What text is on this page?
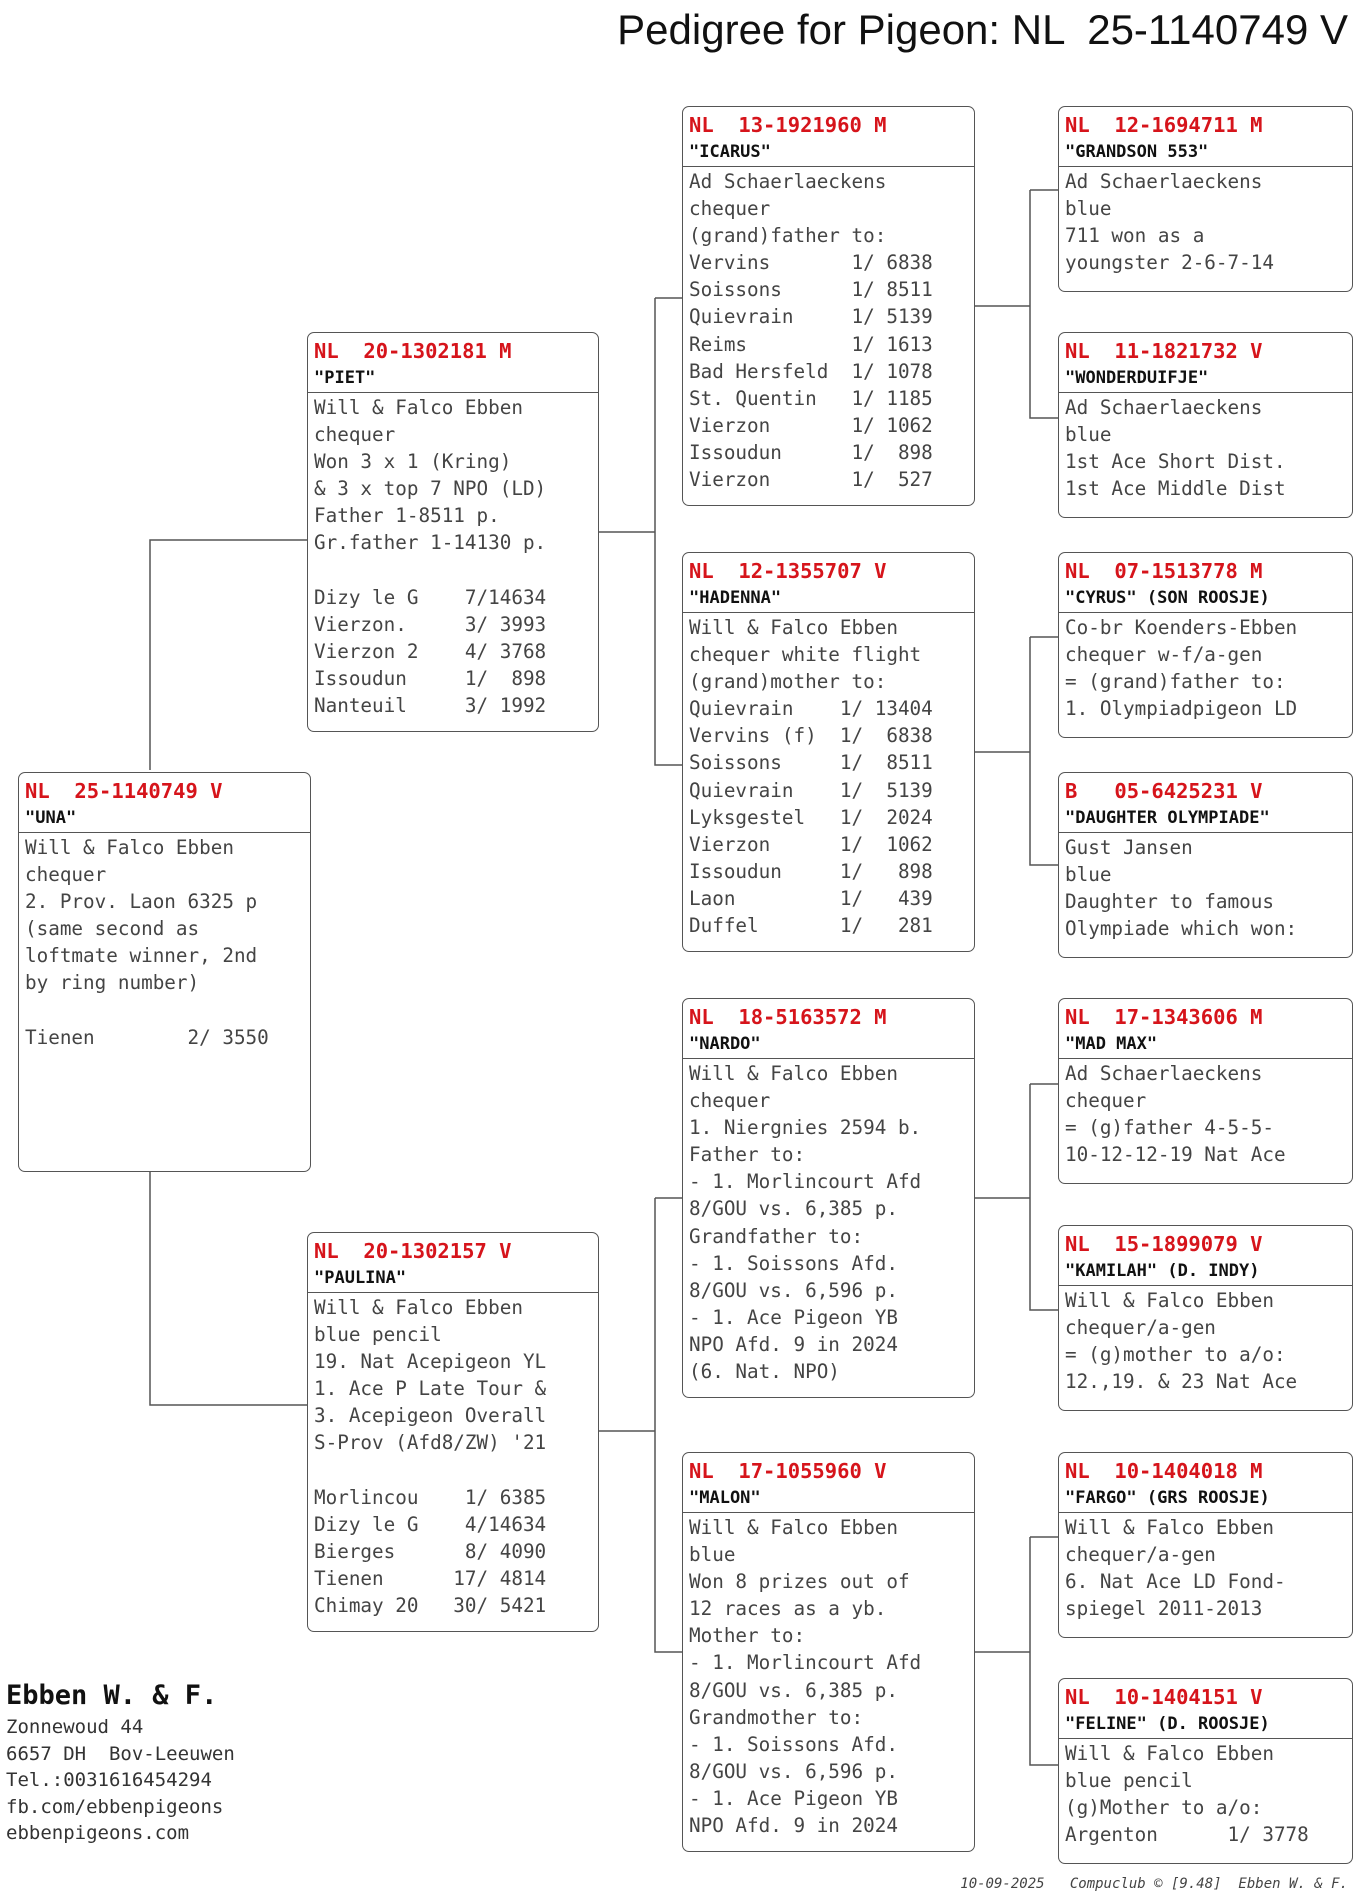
Pedigree for Pigeon: NL  25-1140749 V
NL  25-1140749 V
"UNA"
Will & Falco Ebben
chequer
2. Prov. Laon 6325 p
(same second as
loftmate winner, 2nd
by ring number)
Tienen        2/ 3550
NL  20-1302181 M
"PIET"
Will & Falco Ebben
chequer
Won 3 x 1 (Kring)
& 3 x top 7 NPO (LD)
Father 1-8511 p.
Gr.father 1-14130 p.
Dizy le G    7/14634
Vierzon.     3/ 3993
Vierzon 2    4/ 3768
Issoudun     1/  898
Nanteuil     3/ 1992
NL  20-1302157 V
"PAULINA"
Will & Falco Ebben
blue pencil
19. Nat Acepigeon YL
1. Ace P Late Tour &
3. Acepigeon Overall
S-Prov (Afd8/ZW) '21
Morlincou    1/ 6385
Dizy le G    4/14634
Bierges      8/ 4090
Tienen      17/ 4814
Chimay 20   30/ 5421
NL  13-1921960 M
"ICARUS"
Ad Schaerlaeckens
chequer
(grand)father to:
Vervins       1/ 6838
Soissons      1/ 8511
Quievrain     1/ 5139
Reims         1/ 1613
Bad Hersfeld  1/ 1078
St. Quentin   1/ 1185
Vierzon       1/ 1062
Issoudun      1/  898
Vierzon       1/  527
NL  12-1355707 V
"HADENNA"
Will & Falco Ebben
chequer white flight
(grand)mother to:
Quievrain    1/ 13404
Vervins (f)  1/  6838
Soissons     1/  8511
Quievrain    1/  5139
Lyksgestel   1/  2024
Vierzon      1/  1062
Issoudun     1/   898
Laon         1/   439
Duffel       1/   281
NL  18-5163572 M
"NARDO"
Will & Falco Ebben
chequer
1. Niergnies 2594 b.
Father to:
- 1. Morlincourt Afd
8/GOU vs. 6,385 p.
Grandfather to:
- 1. Soissons Afd.
8/GOU vs. 6,596 p.
- 1. Ace Pigeon YB
NPO Afd. 9 in 2024
(6. Nat. NPO)
NL  17-1055960 V
"MALON"
Will & Falco Ebben
blue
Won 8 prizes out of
12 races as a yb.
Mother to:
- 1. Morlincourt Afd
8/GOU vs. 6,385 p.
Grandmother to:
- 1. Soissons Afd.
8/GOU vs. 6,596 p.
- 1. Ace Pigeon YB
NPO Afd. 9 in 2024
NL  12-1694711 M
"GRANDSON 553"
Ad Schaerlaeckens
blue
711 won as a
youngster 2-6-7-14
NL  11-1821732 V
"WONDERDUIFJE"
Ad Schaerlaeckens
blue
1st Ace Short Dist.
1st Ace Middle Dist
NL  07-1513778 M
"CYRUS" (SON ROOSJE)
Co-br Koenders-Ebben
chequer w-f/a-gen
= (grand)father to:
1. Olympiadpigeon LD
B   05-6425231 V
"DAUGHTER OLYMPIADE"
Gust Jansen
blue
Daughter to famous
Olympiade which won:
NL  17-1343606 M
"MAD MAX"
Ad Schaerlaeckens
chequer
= (g)father 4-5-5-
10-12-12-19 Nat Ace
NL  15-1899079 V
"KAMILAH" (D. INDY)
Will & Falco Ebben
chequer/a-gen
= (g)mother to a/o:
12.,19. & 23 Nat Ace
NL  10-1404018 M
"FARGO" (GRS ROOSJE)
Will & Falco Ebben
chequer/a-gen
6. Nat Ace LD Fond-
spiegel 2011-2013
NL  10-1404151 V
"FELINE" (D. ROOSJE)
Will & Falco Ebben
blue pencil
(g)Mother to a/o:
Argenton      1/ 3778
Ebben W. & F.
Zonnewoud 44
6657 DH  Bov-Leeuwen
Tel.:0031616454294
fb.com/ebbenpigeons
ebbenpigeons.com
10-09-2025   Compuclub © [9.48]  Ebben W. & F.
